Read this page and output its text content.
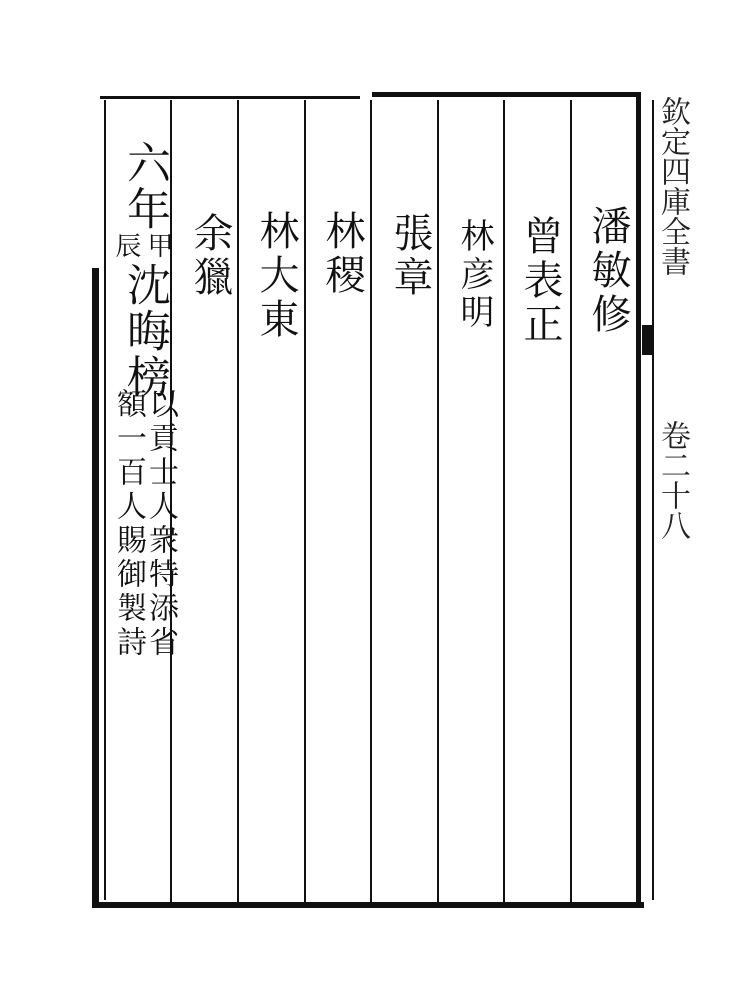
欽定四庫全書
卷二十八
潘敏修
曾表正
林彦明
張章
林稷
林大東
余獵
六年
甲
辰
沈晦榜
以貢士人衆特添省
額一百人賜御製詩
